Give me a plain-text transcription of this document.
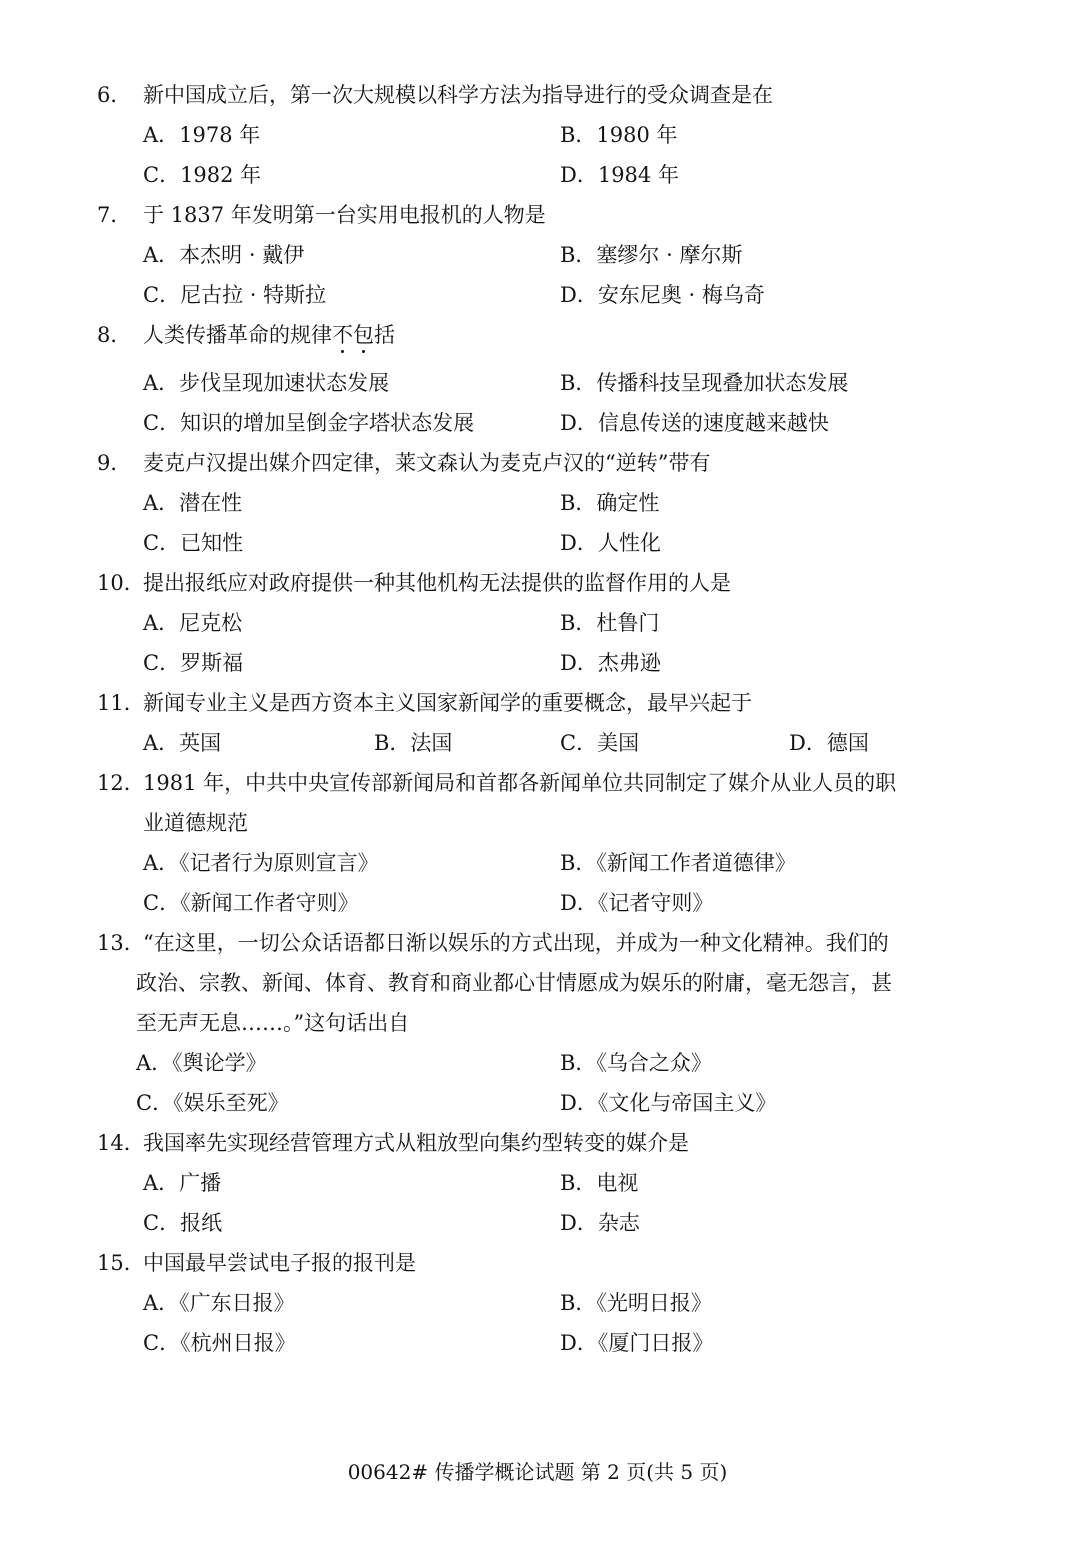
6． 新中国成立后，第一次大规模以科学方法为指导进行的受众调查是在
A．1978 年	B．1980 年
C．1982 年	D．1984 年
7． 于 1837 年发明第一台实用电报机的人物是
A．本杰明 · 戴伊	B．塞缪尔 · 摩尔斯
C．尼古拉 · 特斯拉	D．安东尼奥 · 梅乌奇
8． 人类传播革命的规律不包括
A．步伐呈现加速状态发展	B．传播科技呈现叠加状态发展
C．知识的增加呈倒金字塔状态发展	D．信息传送的速度越来越快
9． 麦克卢汉提出媒介四定律，莱文森认为麦克卢汉的“逆转”带有
A．潜在性	B．确定性
C．已知性	D．人性化
10．
提出报纸应对政府提供一种其他机构无法提供的监督作用的人是
A．尼克松	B．杜鲁门
C．罗斯福	D．杰弗逊
11．
新闻专业主义是西方资本主义国家新闻学的重要概念，最早兴起于
A．英国	B．法国	C．美国	D．德国
12．
1981 年，中共中央宣传部新闻局和首都各新闻单位共同制定了媒介从业人员的职
业道德规范
A．《记者行为原则宣言》	B．《新闻工作者道德律》
C．《新闻工作者守则》	D．《记者守则》
13．
“在这里，一切公众话语都日渐以娱乐的方式出现，并成为一种文化精神。我们的
政治、宗教、新闻、体育、教育和商业都心甘情愿成为娱乐的附庸，毫无怨言，甚
至无声无息……。”这句话出自
A．《舆论学》	B．《乌合之众》
C．《娱乐至死》	D．《文化与帝国主义》
14．
我国率先实现经营管理方式从粗放型向集约型转变的媒介是
A．广播	B．电视
C．报纸	D．杂志
15．
中国最早尝试电子报的报刊是
A．《广东日报》	B．《光明日报》
C．《杭州日报》	D．《厦门日报》
00642# 传播学概论试题 第 2 页(共 5 页)
